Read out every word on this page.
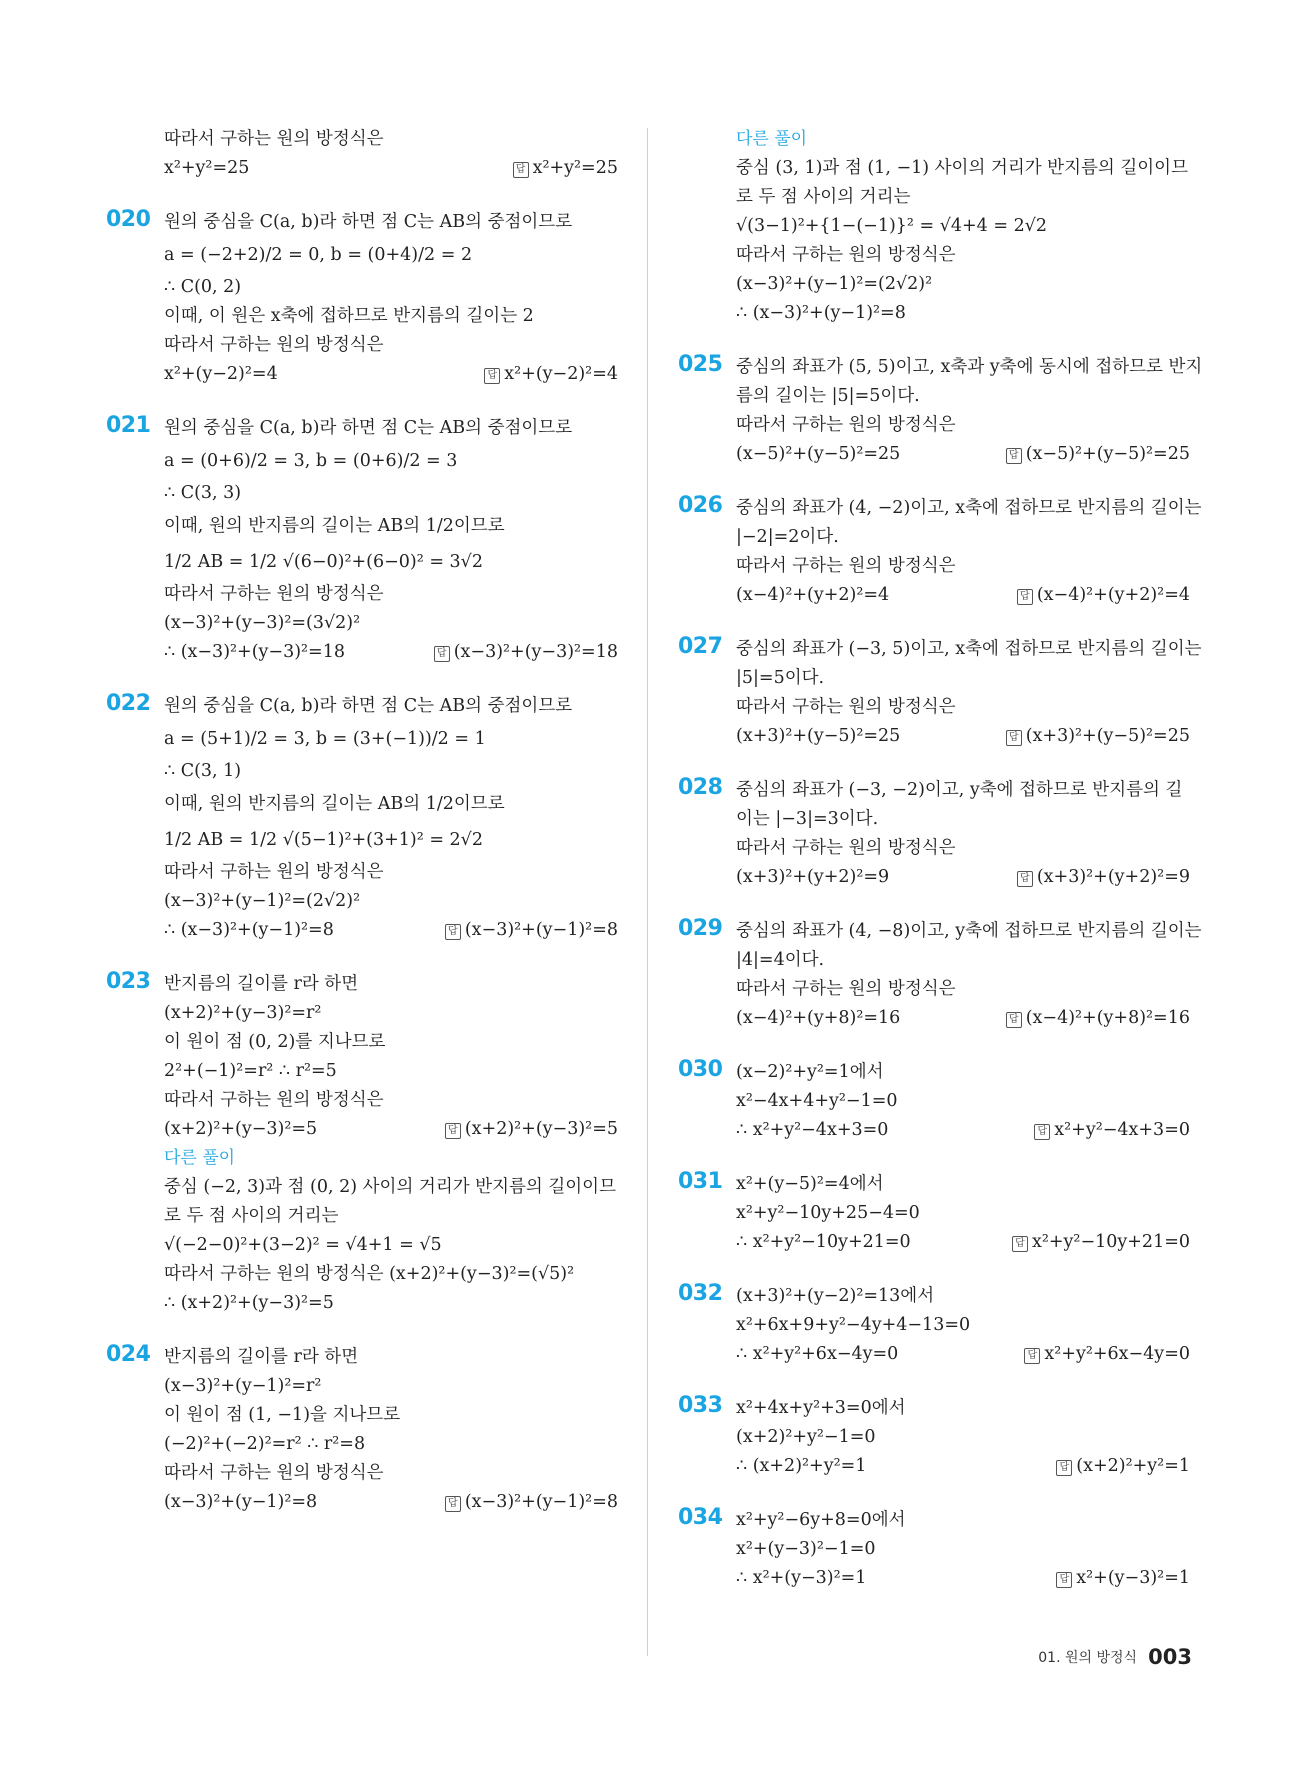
따라서 구하는 원의 방정식은
x²+y²=25	답 x²+y²=25
020 원의 중심을 C(a, b)라 하면 점 C는 AB의 중점이므로
a = (−2+2)/2 = 0, b = (0+4)/2 = 2
∴ C(0, 2)
이때, 이 원은 x축에 접하므로 반지름의 길이는 2
따라서 구하는 원의 방정식은
x²+(y−2)²=4	답 x²+(y−2)²=4
021 원의 중심을 C(a, b)라 하면 점 C는 AB의 중점이므로
a = (0+6)/2 = 3, b = (0+6)/2 = 3
∴ C(3, 3)
이때, 원의 반지름의 길이는 AB의 1/2이므로
1/2 AB = 1/2 √(6−0)²+(6−0)² = 3√2
따라서 구하는 원의 방정식은
(x−3)²+(y−3)²=(3√2)²
∴ (x−3)²+(y−3)²=18	답 (x−3)²+(y−3)²=18
022 원의 중심을 C(a, b)라 하면 점 C는 AB의 중점이므로
a = (5+1)/2 = 3, b = (3+(−1))/2 = 1
∴ C(3, 1)
이때, 원의 반지름의 길이는 AB의 1/2이므로
1/2 AB = 1/2 √(5−1)²+(3+1)² = 2√2
따라서 구하는 원의 방정식은
(x−3)²+(y−1)²=(2√2)²
∴ (x−3)²+(y−1)²=8	답 (x−3)²+(y−1)²=8
023 반지름의 길이를 r라 하면
(x+2)²+(y−3)²=r²
이 원이 점 (0, 2)를 지나므로
2²+(−1)²=r² ∴ r²=5
따라서 구하는 원의 방정식은
(x+2)²+(y−3)²=5	답 (x+2)²+(y−3)²=5
다른 풀이
중심 (−2, 3)과 점 (0, 2) 사이의 거리가 반지름의 길이이므
로 두 점 사이의 거리는
√(−2−0)²+(3−2)² = √4+1 = √5
따라서 구하는 원의 방정식은 (x+2)²+(y−3)²=(√5)²
∴ (x+2)²+(y−3)²=5
024 반지름의 길이를 r라 하면
(x−3)²+(y−1)²=r²
이 원이 점 (1, −1)을 지나므로
(−2)²+(−2)²=r² ∴ r²=8
따라서 구하는 원의 방정식은
(x−3)²+(y−1)²=8	답 (x−3)²+(y−1)²=8
다른 풀이
중심 (3, 1)과 점 (1, −1) 사이의 거리가 반지름의 길이이므
로 두 점 사이의 거리는
√(3−1)²+{1−(−1)}² = √4+4 = 2√2
따라서 구하는 원의 방정식은
(x−3)²+(y−1)²=(2√2)²
∴ (x−3)²+(y−1)²=8
025 중심의 좌표가 (5, 5)이고, x축과 y축에 동시에 접하므로 반지
름의 길이는 |5|=5이다.
따라서 구하는 원의 방정식은
(x−5)²+(y−5)²=25	답 (x−5)²+(y−5)²=25
026 중심의 좌표가 (4, −2)이고, x축에 접하므로 반지름의 길이는
|−2|=2이다.
따라서 구하는 원의 방정식은
(x−4)²+(y+2)²=4	답 (x−4)²+(y+2)²=4
027 중심의 좌표가 (−3, 5)이고, x축에 접하므로 반지름의 길이는
|5|=5이다.
따라서 구하는 원의 방정식은
(x+3)²+(y−5)²=25	답 (x+3)²+(y−5)²=25
028 중심의 좌표가 (−3, −2)이고, y축에 접하므로 반지름의 길
이는 |−3|=3이다.
따라서 구하는 원의 방정식은
(x+3)²+(y+2)²=9	답 (x+3)²+(y+2)²=9
029 중심의 좌표가 (4, −8)이고, y축에 접하므로 반지름의 길이는
|4|=4이다.
따라서 구하는 원의 방정식은
(x−4)²+(y+8)²=16	답 (x−4)²+(y+8)²=16
030 (x−2)²+y²=1에서
x²−4x+4+y²−1=0
∴ x²+y²−4x+3=0	답 x²+y²−4x+3=0
031 x²+(y−5)²=4에서
x²+y²−10y+25−4=0
∴ x²+y²−10y+21=0	답 x²+y²−10y+21=0
032 (x+3)²+(y−2)²=13에서
x²+6x+9+y²−4y+4−13=0
∴ x²+y²+6x−4y=0	답 x²+y²+6x−4y=0
033 x²+4x+y²+3=0에서
(x+2)²+y²−1=0
∴ (x+2)²+y²=1	답 (x+2)²+y²=1
034 x²+y²−6y+8=0에서
x²+(y−3)²−1=0
∴ x²+(y−3)²=1	답 x²+(y−3)²=1
01. 원의 방정식 003
